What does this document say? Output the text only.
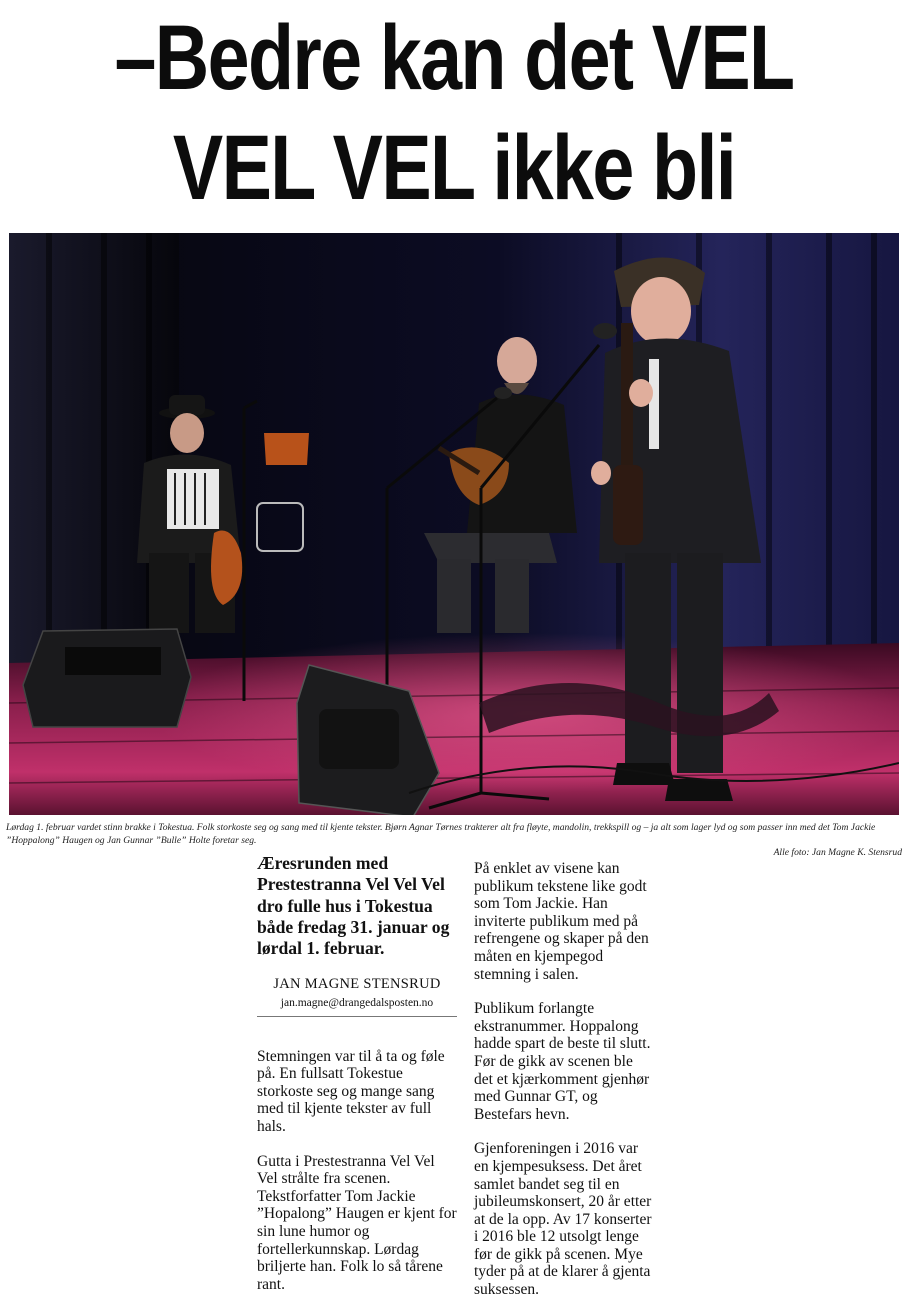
–Bedre kan det VEL
VEL VEL ikke bli
Lørdag 1. februar vardet stinn brakke i Tokestua. Folk storkoste seg og sang med til kjente tekster. Bjørn Agnar Tørnes trakterer alt fra fløyte, mandolin, trekkspill og – ja alt som lager lyd og som passer inn med det Tom Jackie ”Hoppalong” Haugen og Jan Gunnar ”Bulle” Holte foretar seg.
Alle foto: Jan Magne K. Stensrud

Æresrunden med Prestestranna Vel Vel Vel dro fulle hus i Tokestua både fredag 31. januar og lørdal 1. februar.

JAN MAGNE STENSRUD
jan.magne@drangedalsposten.no

Stemningen var til å ta og føle på. En fullsatt Tokestue storkoste seg og mange sang med til kjente tekster av full hals.

Gutta i Prestestranna Vel Vel Vel strålte fra scenen. Tekstforfatter Tom Jackie ”Hopalong” Haugen er kjent for sin lune humor og fortellerkunnskap. Lørdag briljerte han. Folk lo så tårene rant.

På enklet av visene kan publikum tekstene like godt som Tom Jackie. Han inviterte publikum med på refrengene og skaper på den måten en kjempegod stemning i salen.

Publikum forlangte ekstranummer. Hoppalong hadde spart de beste til slutt. Før de gikk av scenen ble det et kjærkomment gjenhør med Gunnar GT, og Bestefars hevn.

Gjenforeningen i 2016 var en kjempesuksess. Det året samlet bandet seg til en jubileumskonsert, 20 år etter at de la opp. Av 17 konserter i 2016 ble 12 utsolgt lenge før de gikk på scenen. Mye tyder på at de klarer å gjenta suksessen.
